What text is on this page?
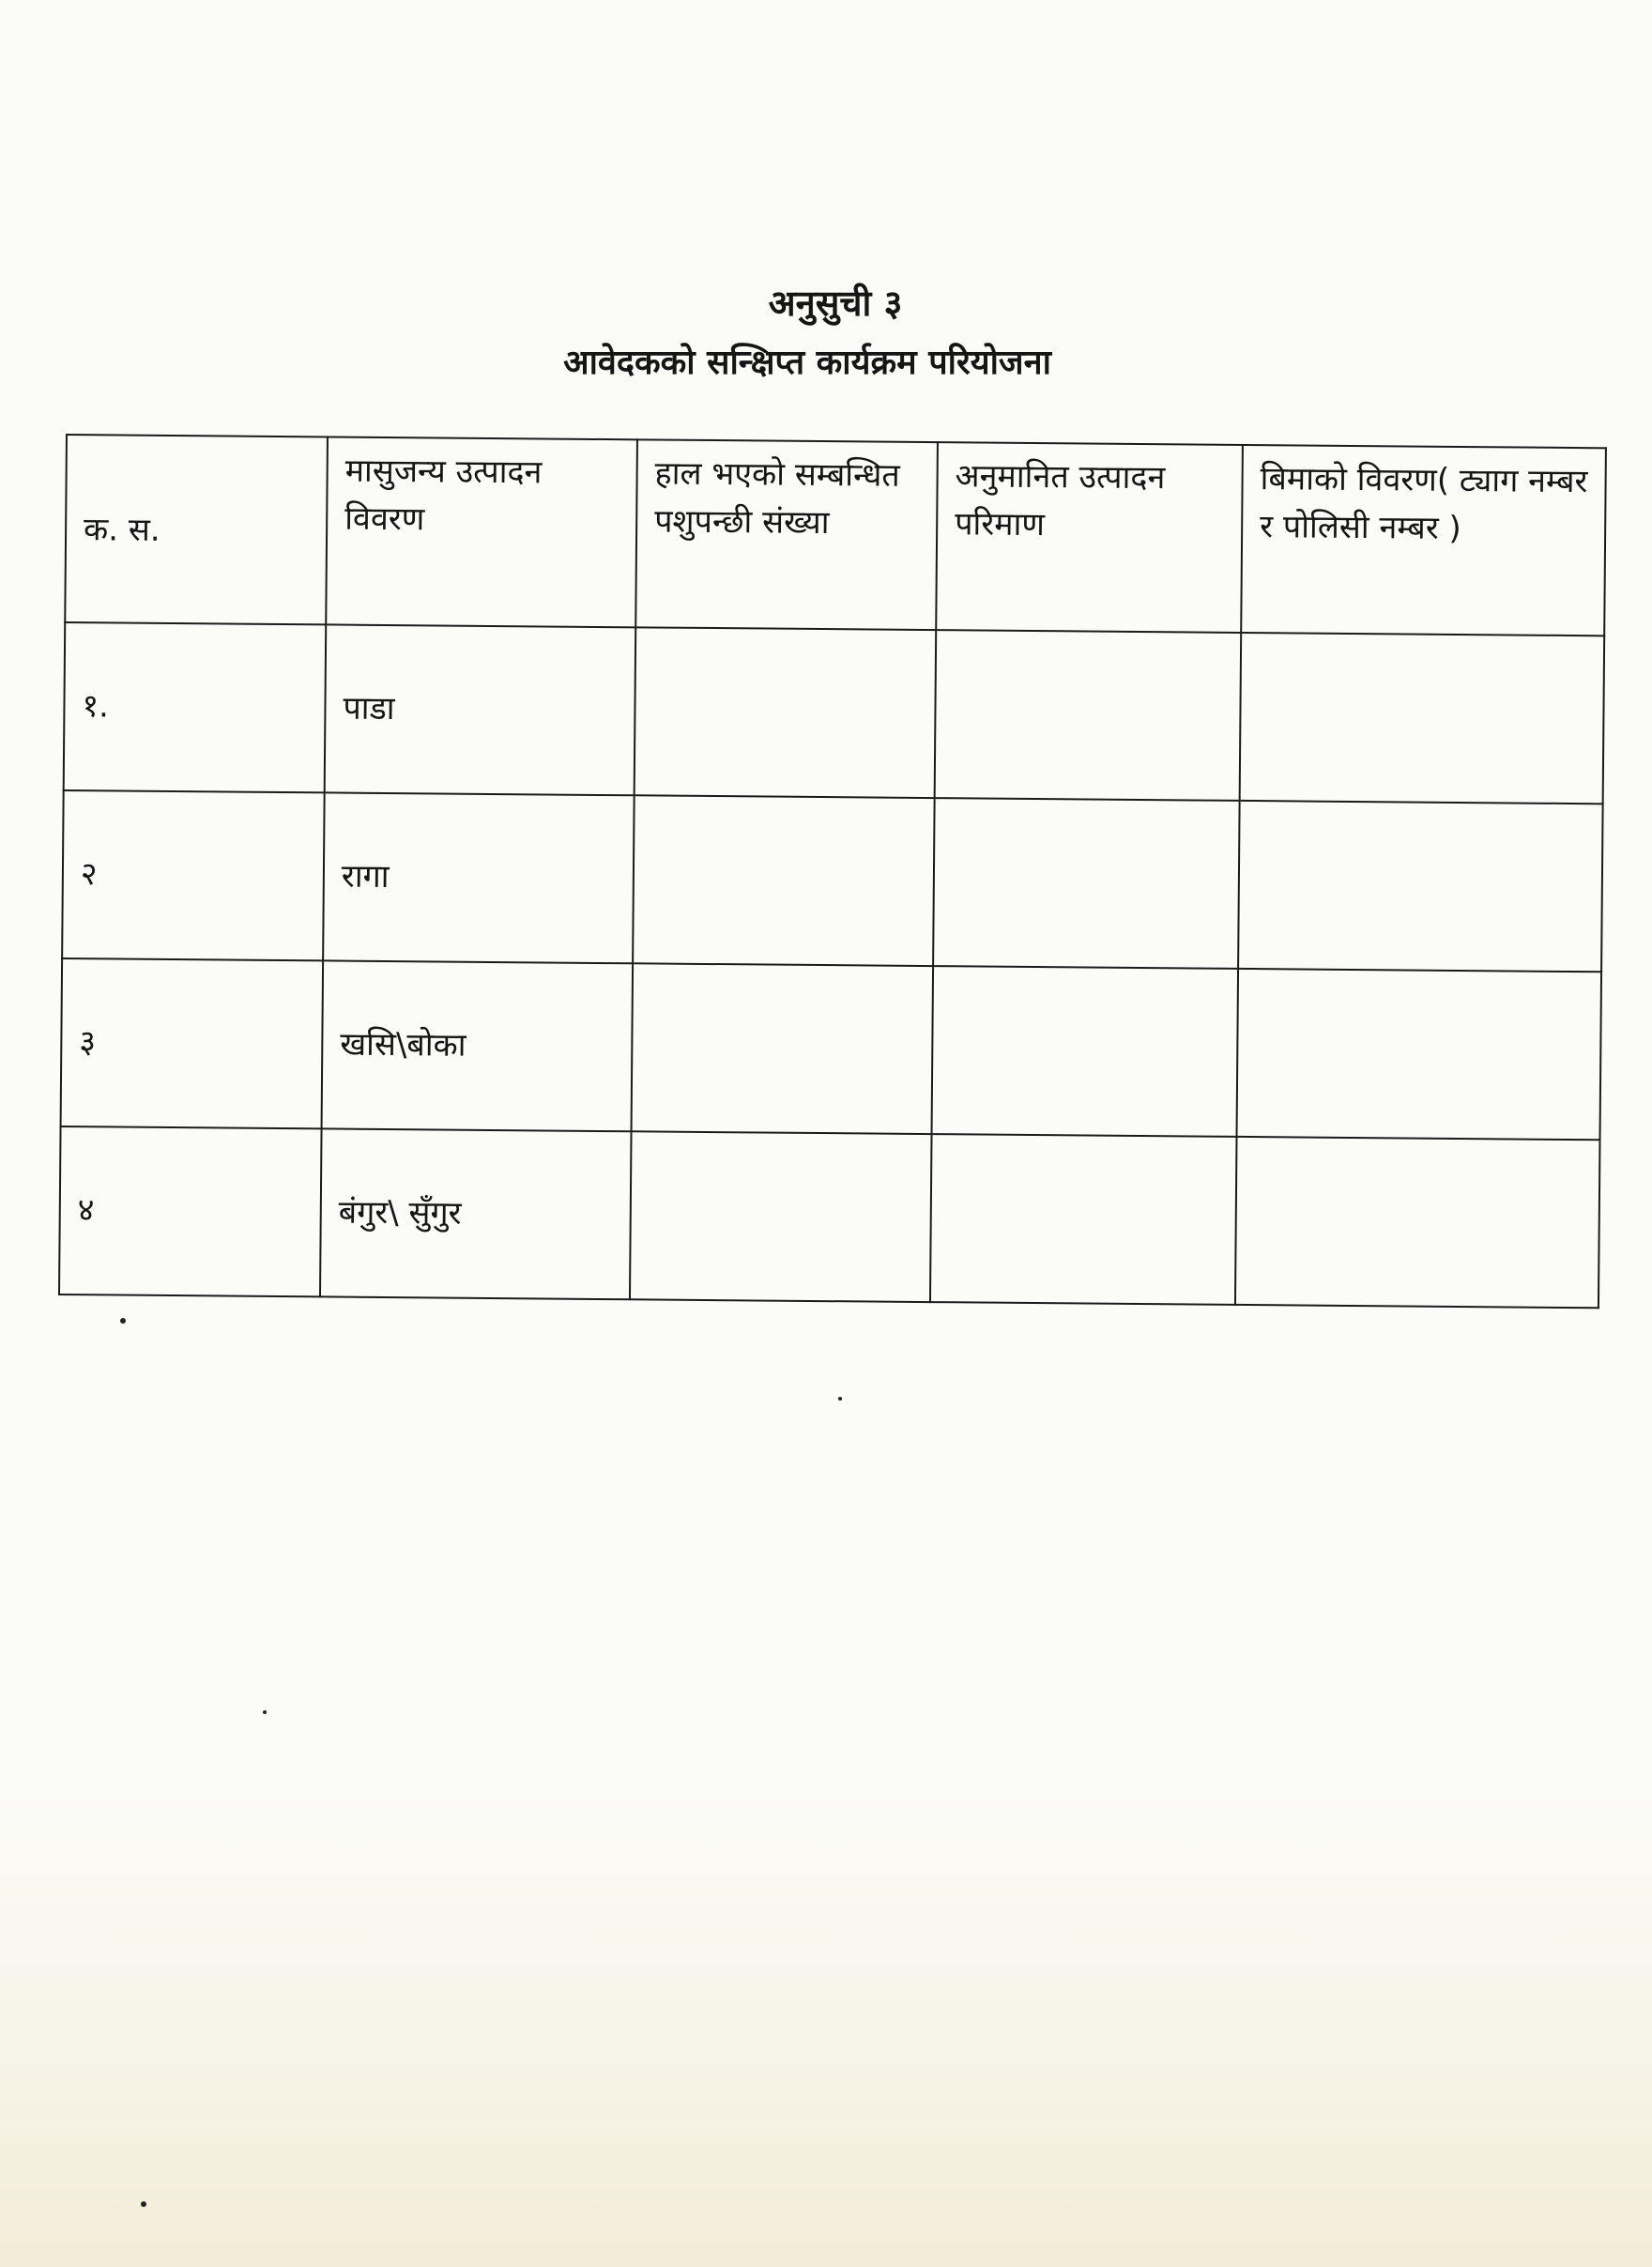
अनुसुची ३
आवेदकको सन्क्षिप्त कार्यक्रम परियोजना
क. स.	मासुजन्य उत्पादन विवरण	हाल भएको सम्बन्धित पशुपन्छी संख्या	अनुमानित उत्पादन परिमाण	बिमाको विवरण( ट्याग नम्बर र पोलिसी नम्बर )
१.	पाडा			
२	रागा			
३	खसि\बोका			
४	बंगुर\ सुँगुर			
